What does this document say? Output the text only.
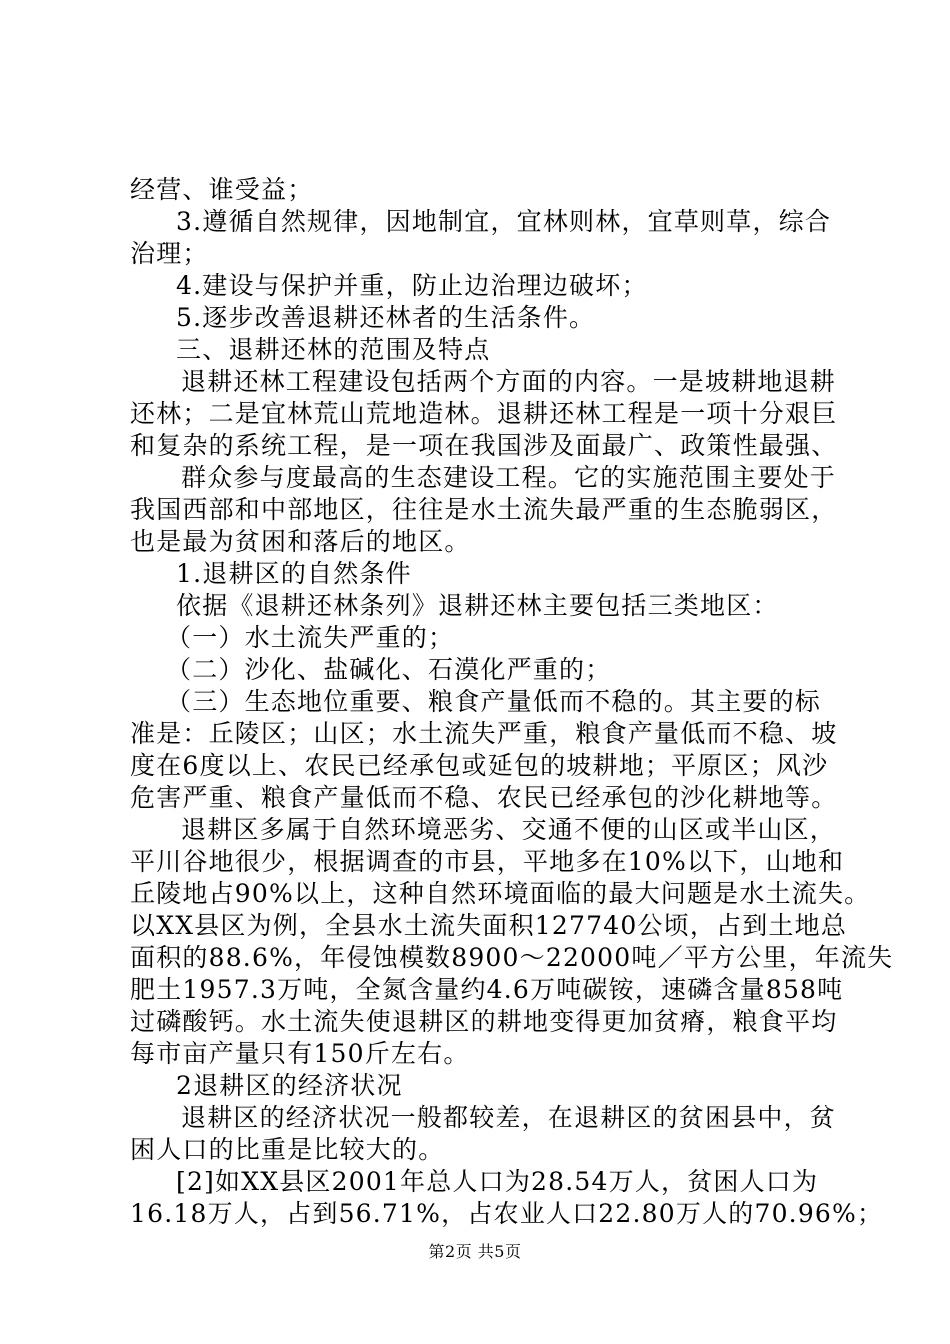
经营、谁受益；
3.遵循自然规律，因地制宜，宜林则林，宜草则草，综合
治理；
4.建设与保护并重，防止边治理边破坏；
5.逐步改善退耕还林者的生活条件。
三、退耕还林的范围及特点
退耕还林工程建设包括两个方面的内容。一是坡耕地退耕
还林；二是宜林荒山荒地造林。退耕还林工程是一项十分艰巨
和复杂的系统工程，是一项在我国涉及面最广、政策性最强、
群众参与度最高的生态建设工程。它的实施范围主要处于
我国西部和中部地区，往往是水土流失最严重的生态脆弱区，
也是最为贫困和落后的地区。
1.退耕区的自然条件
依据《退耕还林条列》退耕还林主要包括三类地区：
（一）水土流失严重的；
（二）沙化、盐碱化、石漠化严重的；
（三）生态地位重要、粮食产量低而不稳的。其主要的标
准是：丘陵区；山区；水土流失严重，粮食产量低而不稳、坡
度在6度以上、农民已经承包或延包的坡耕地；平原区；风沙
危害严重、粮食产量低而不稳、农民已经承包的沙化耕地等。
退耕区多属于自然环境恶劣、交通不便的山区或半山区，
平川谷地很少，根据调查的市县，平地多在10%以下，山地和
丘陵地占90%以上，这种自然环境面临的最大问题是水土流失。
以XX县区为例，全县水土流失面积127740公顷，占到土地总
面积的88.6%，年侵蚀模数8900～22000吨／平方公里，年流失
肥土1957.3万吨，全氮含量约4.6万吨碳铵，速磷含量858吨
过磷酸钙。水土流失使退耕区的耕地变得更加贫瘠，粮食平均
每市亩产量只有150斤左右。
2退耕区的经济状况
退耕区的经济状况一般都较差，在退耕区的贫困县中，贫
困人口的比重是比较大的。
[2]如XX县区2001年总人口为28.54万人，贫困人口为
16.18万人，占到56.71%，占农业人口22.80万人的70.96%；
第2页 共5页
